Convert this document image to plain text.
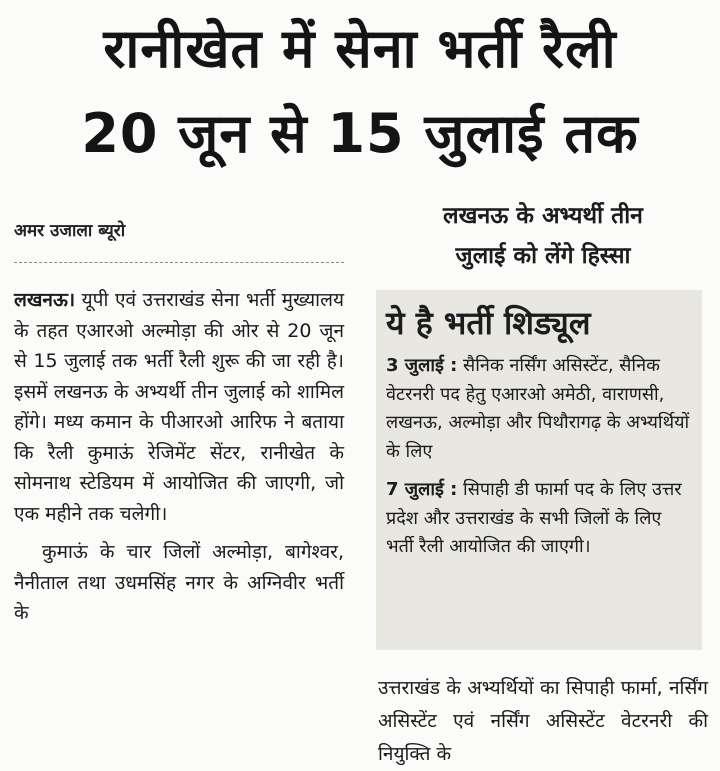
रानीखेत में सेना भर्ती रैली
20 जून से 15 जुलाई तक
अमर उजाला ब्यूरो
लखनऊ के अभ्यर्थी तीन
जुलाई को लेंगे हिस्सा

लखनऊ। यूपी एवं उत्तराखंड सेना भर्ती मुख्यालय के तहत एआरओ अल्मोड़ा की ओर से 20 जून से 15 जुलाई तक भर्ती रैली शुरू की जा रही है। इसमें लखनऊ के अभ्यर्थी तीन जुलाई को शामिल होंगे। मध्य कमान के पीआरओ आरिफ ने बताया कि रैली कुमाऊं रेजिमेंट सेंटर, रानीखेत के सोमनाथ स्टेडियम में आयोजित की जाएगी, जो एक महीने तक चलेगी।

कुमाऊं के चार जिलों अल्मोड़ा, बागेश्वर, नैनीताल तथा उधमसिंह नगर के अग्निवीर भर्ती के

ये है भर्ती शिड्यूल

3 जुलाई : सैनिक नर्सिंग असिस्टेंट, सैनिक वेटरनरी पद हेतु एआरओ अमेठी, वाराणसी, लखनऊ, अल्मोड़ा और पिथौरागढ़ के अभ्यर्थियों के लिए

7 जुलाई : सिपाही डी फार्मा पद के लिए उत्तर प्रदेश और उत्तराखंड के सभी जिलों के लिए भर्ती रैली आयोजित की जाएगी।

उत्तराखंड के अभ्यर्थियों का सिपाही फार्मा, नर्सिंग असिस्टेंट एवं नर्सिंग असिस्टेंट वेटरनरी की नियुक्ति के
